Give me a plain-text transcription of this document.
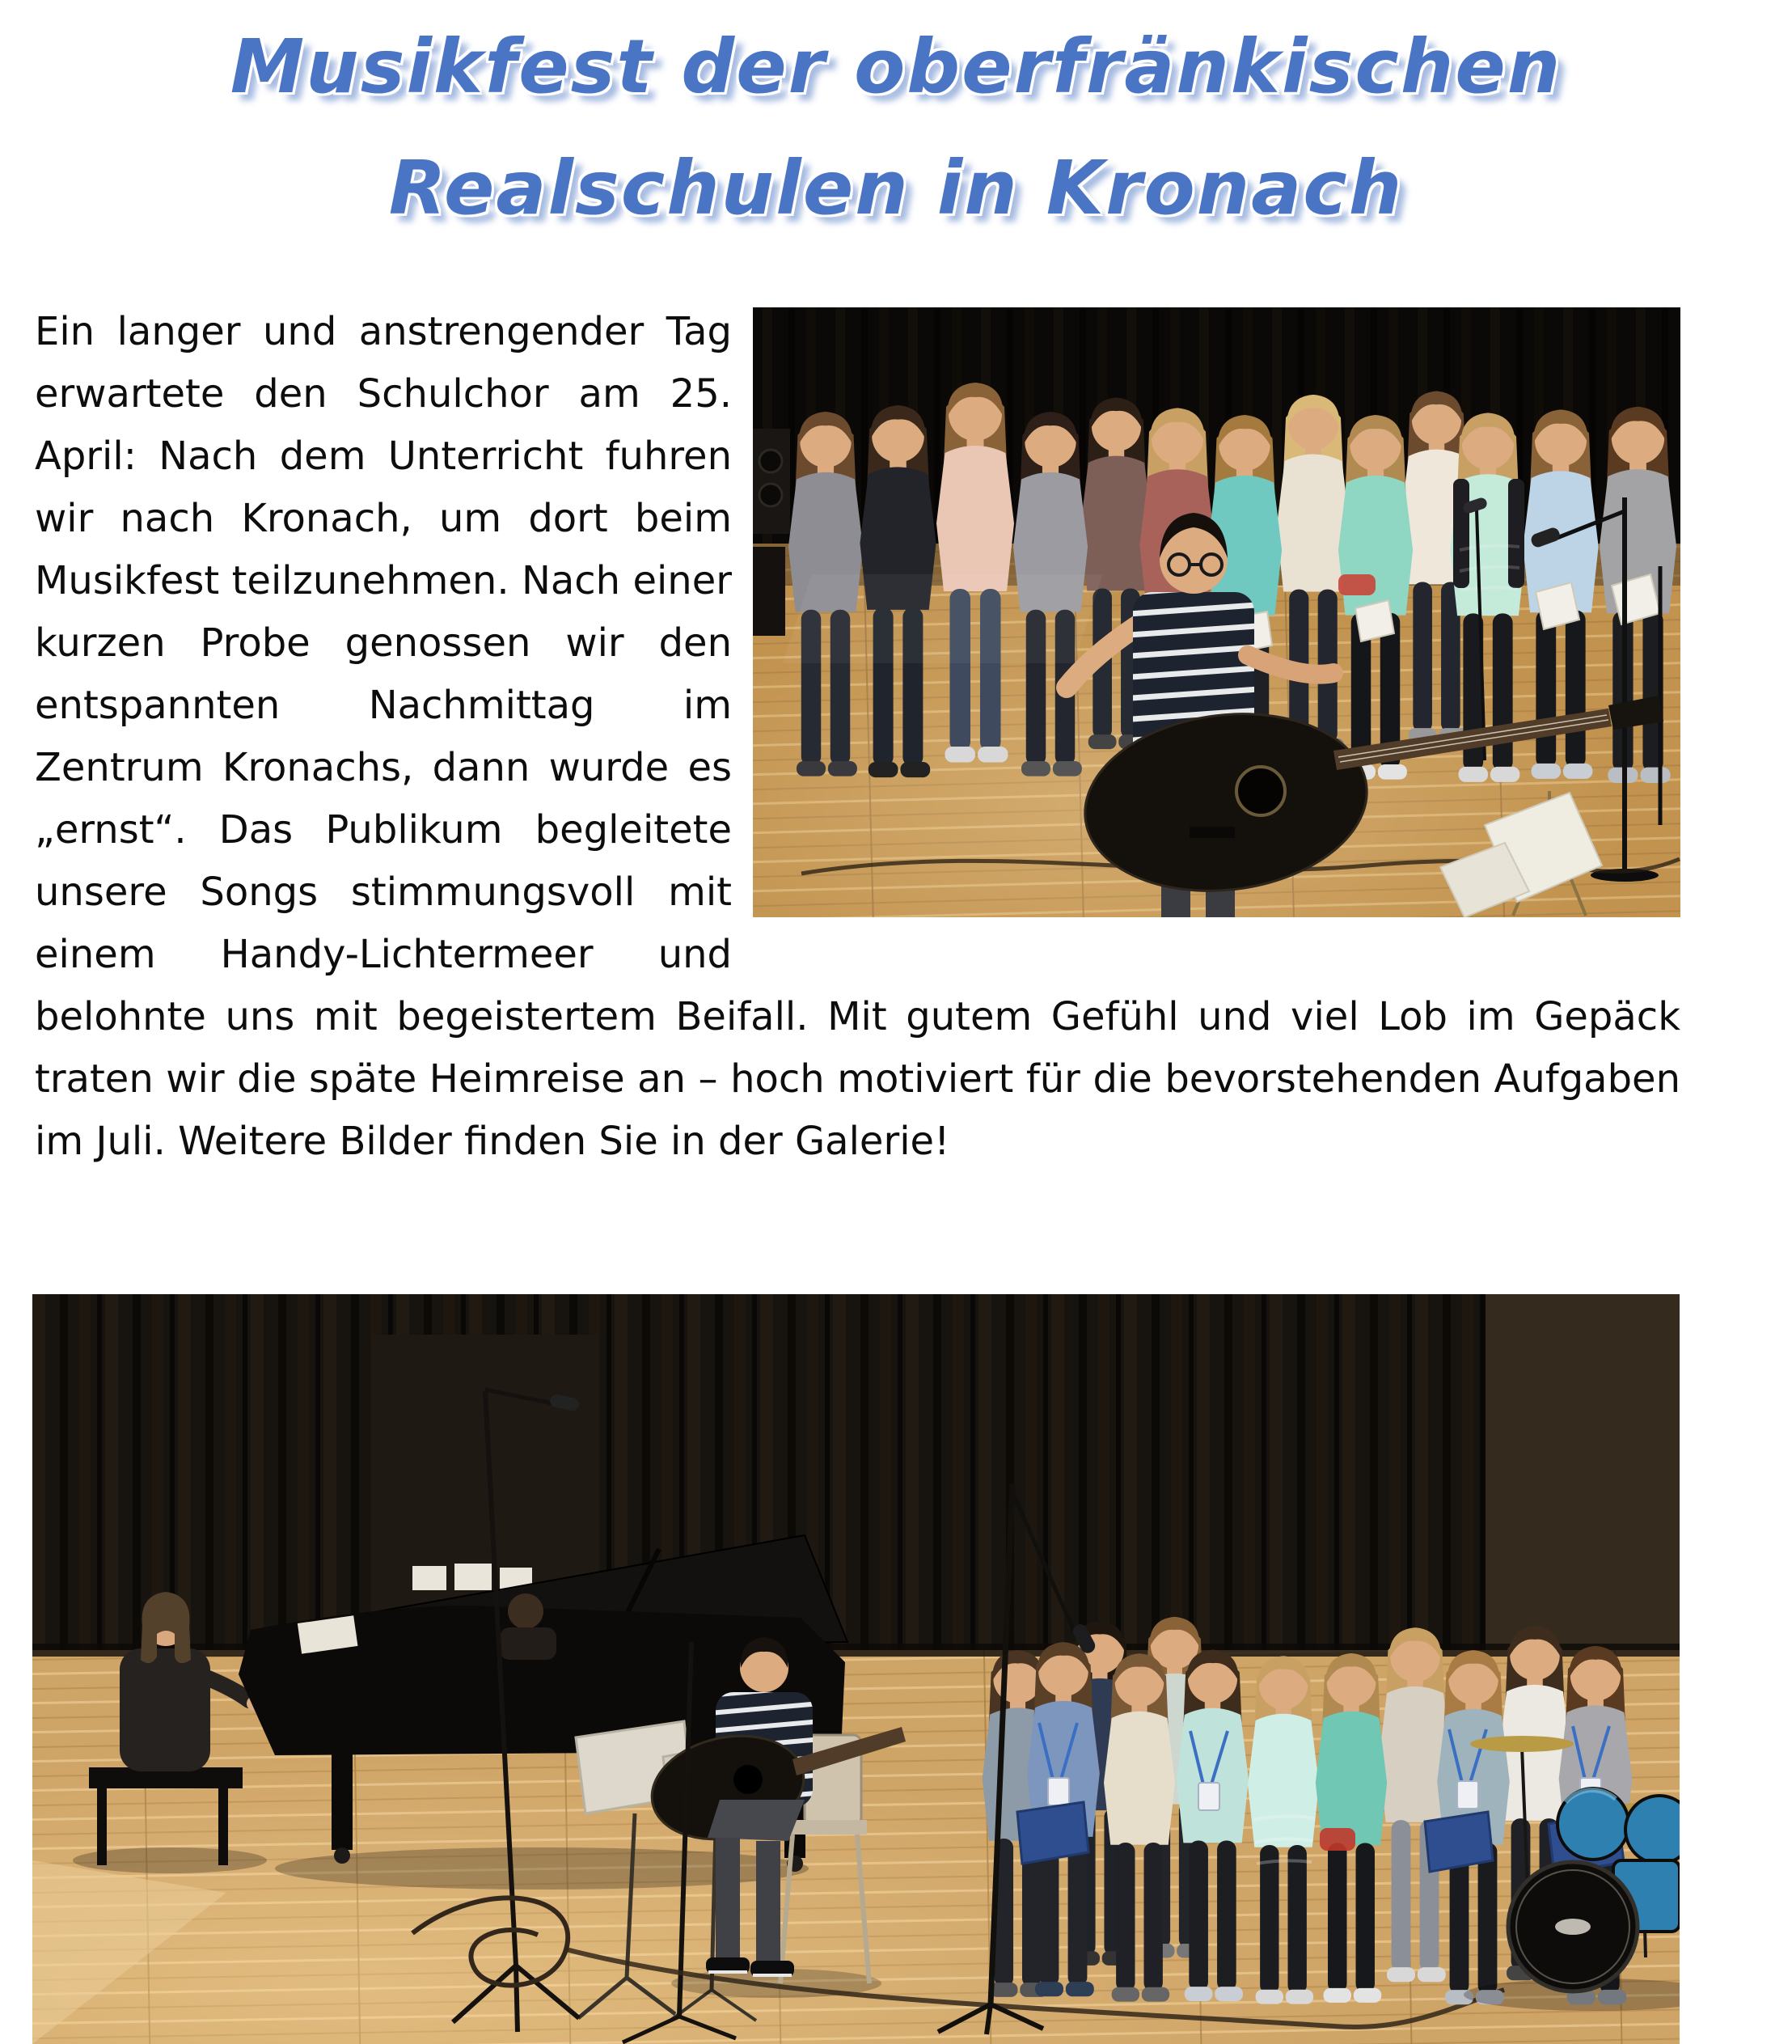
Musikfest der oberfränkischen
Realschulen in Kronach

Ein langer und anstrengender Tag erwartete den Schulchor am 25. April: Nach dem Unterricht fuhren wir nach Kronach, um dort beim Musikfest teilzunehmen. Nach einer kurzen Probe genossen wir den entspannten Nachmittag im Zentrum Kronachs, dann wurde es „ernst“. Das Publikum begleitete unsere Songs stimmungsvoll mit einem Handy-Lichtermeer und belohnte uns mit begeistertem Beifall. Mit gutem Gefühl und viel Lob im Gepäck traten wir die späte Heimreise an – hoch motiviert für die bevorstehenden Aufgaben im Juli. Weitere Bilder finden Sie in der Galerie!
